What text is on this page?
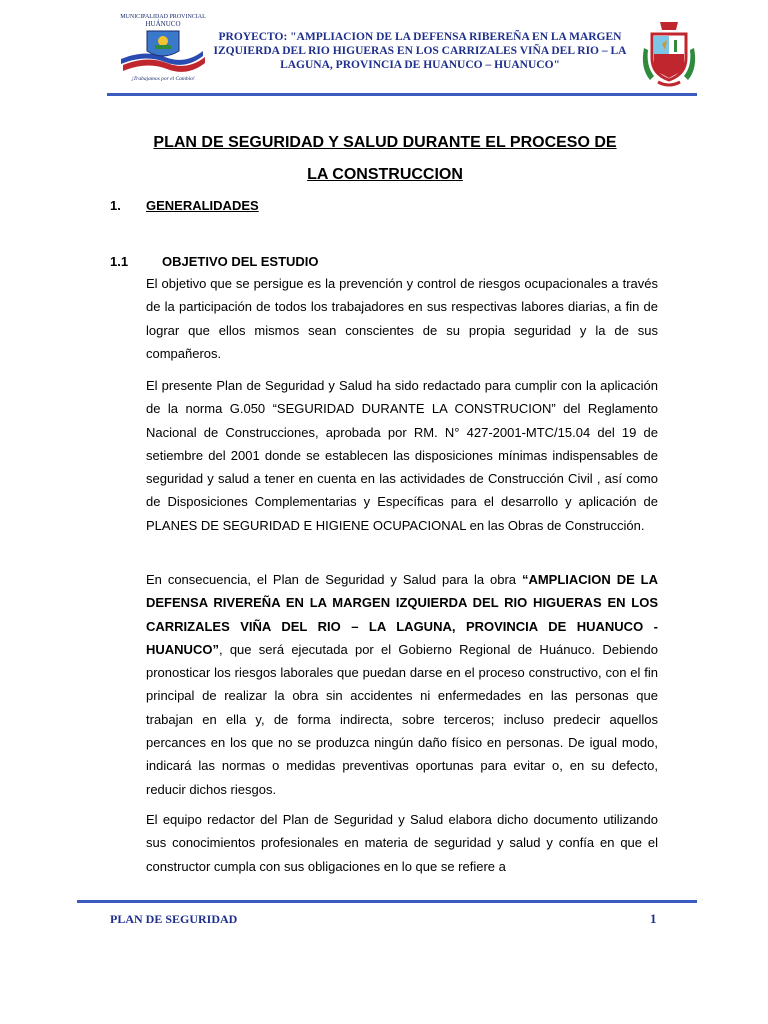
MUNICIPALIDAD PROVINCIAL
HUÁNUCO
¡Trabajamos por el Cambio!
PROYECTO: "AMPLIACION DE LA DEFENSA RIBEREÑA EN LA MARGEN IZQUIERDA DEL RIO HIGUERAS EN LOS CARRIZALES VIÑA DEL RIO – LA LAGUNA, PROVINCIA DE HUANUCO – HUANUCO"
PLAN DE SEGURIDAD Y SALUD DURANTE EL PROCESO DE
LA CONSTRUCCION
1. GENERALIDADES
1.1	OBJETIVO DEL ESTUDIO

El objetivo que se persigue es la prevención y control de riesgos ocupacionales a través de la participación de todos los trabajadores en sus respectivas labores diarias, a fin de lograr que ellos mismos sean conscientes de su propia seguridad y la de sus compañeros.

El presente Plan de Seguridad y Salud ha sido redactado para cumplir con la aplicación de la norma G.050 “SEGURIDAD DURANTE LA CONSTRUCION” del Reglamento Nacional de Construcciones, aprobada por RM. N° 427-2001-MTC/15.04 del 19 de setiembre del 2001 donde se establecen las disposiciones mínimas indispensables de seguridad y salud a tener en cuenta en las actividades de Construcción Civil , así como de Disposiciones Complementarias y Específicas para el desarrollo y aplicación de PLANES DE SEGURIDAD E HIGIENE OCUPACIONAL en las Obras de Construcción.

En consecuencia, el Plan de Seguridad y Salud para la obra “AMPLIACION DE LA DEFENSA RIVEREÑA EN LA MARGEN IZQUIERDA DEL RIO HIGUERAS EN LOS CARRIZALES VIÑA DEL RIO – LA LAGUNA, PROVINCIA DE HUANUCO - HUANUCO”, que será ejecutada por el Gobierno Regional de Huánuco. Debiendo pronosticar los riesgos laborales que puedan darse en el proceso constructivo, con el fin principal de realizar la obra sin accidentes ni enfermedades en las personas que trabajan en ella y, de forma indirecta, sobre terceros; incluso predecir aquellos percances en los que no se produzca ningún daño físico en personas. De igual modo, indicará las normas o medidas preventivas oportunas para evitar o, en su defecto, reducir dichos riesgos.

El equipo redactor del Plan de Seguridad y Salud elabora dicho documento utilizando sus conocimientos profesionales en materia de seguridad y salud y confía en que el constructor cumpla con sus obligaciones en lo que se refiere a

PLAN DE SEGURIDAD	1
